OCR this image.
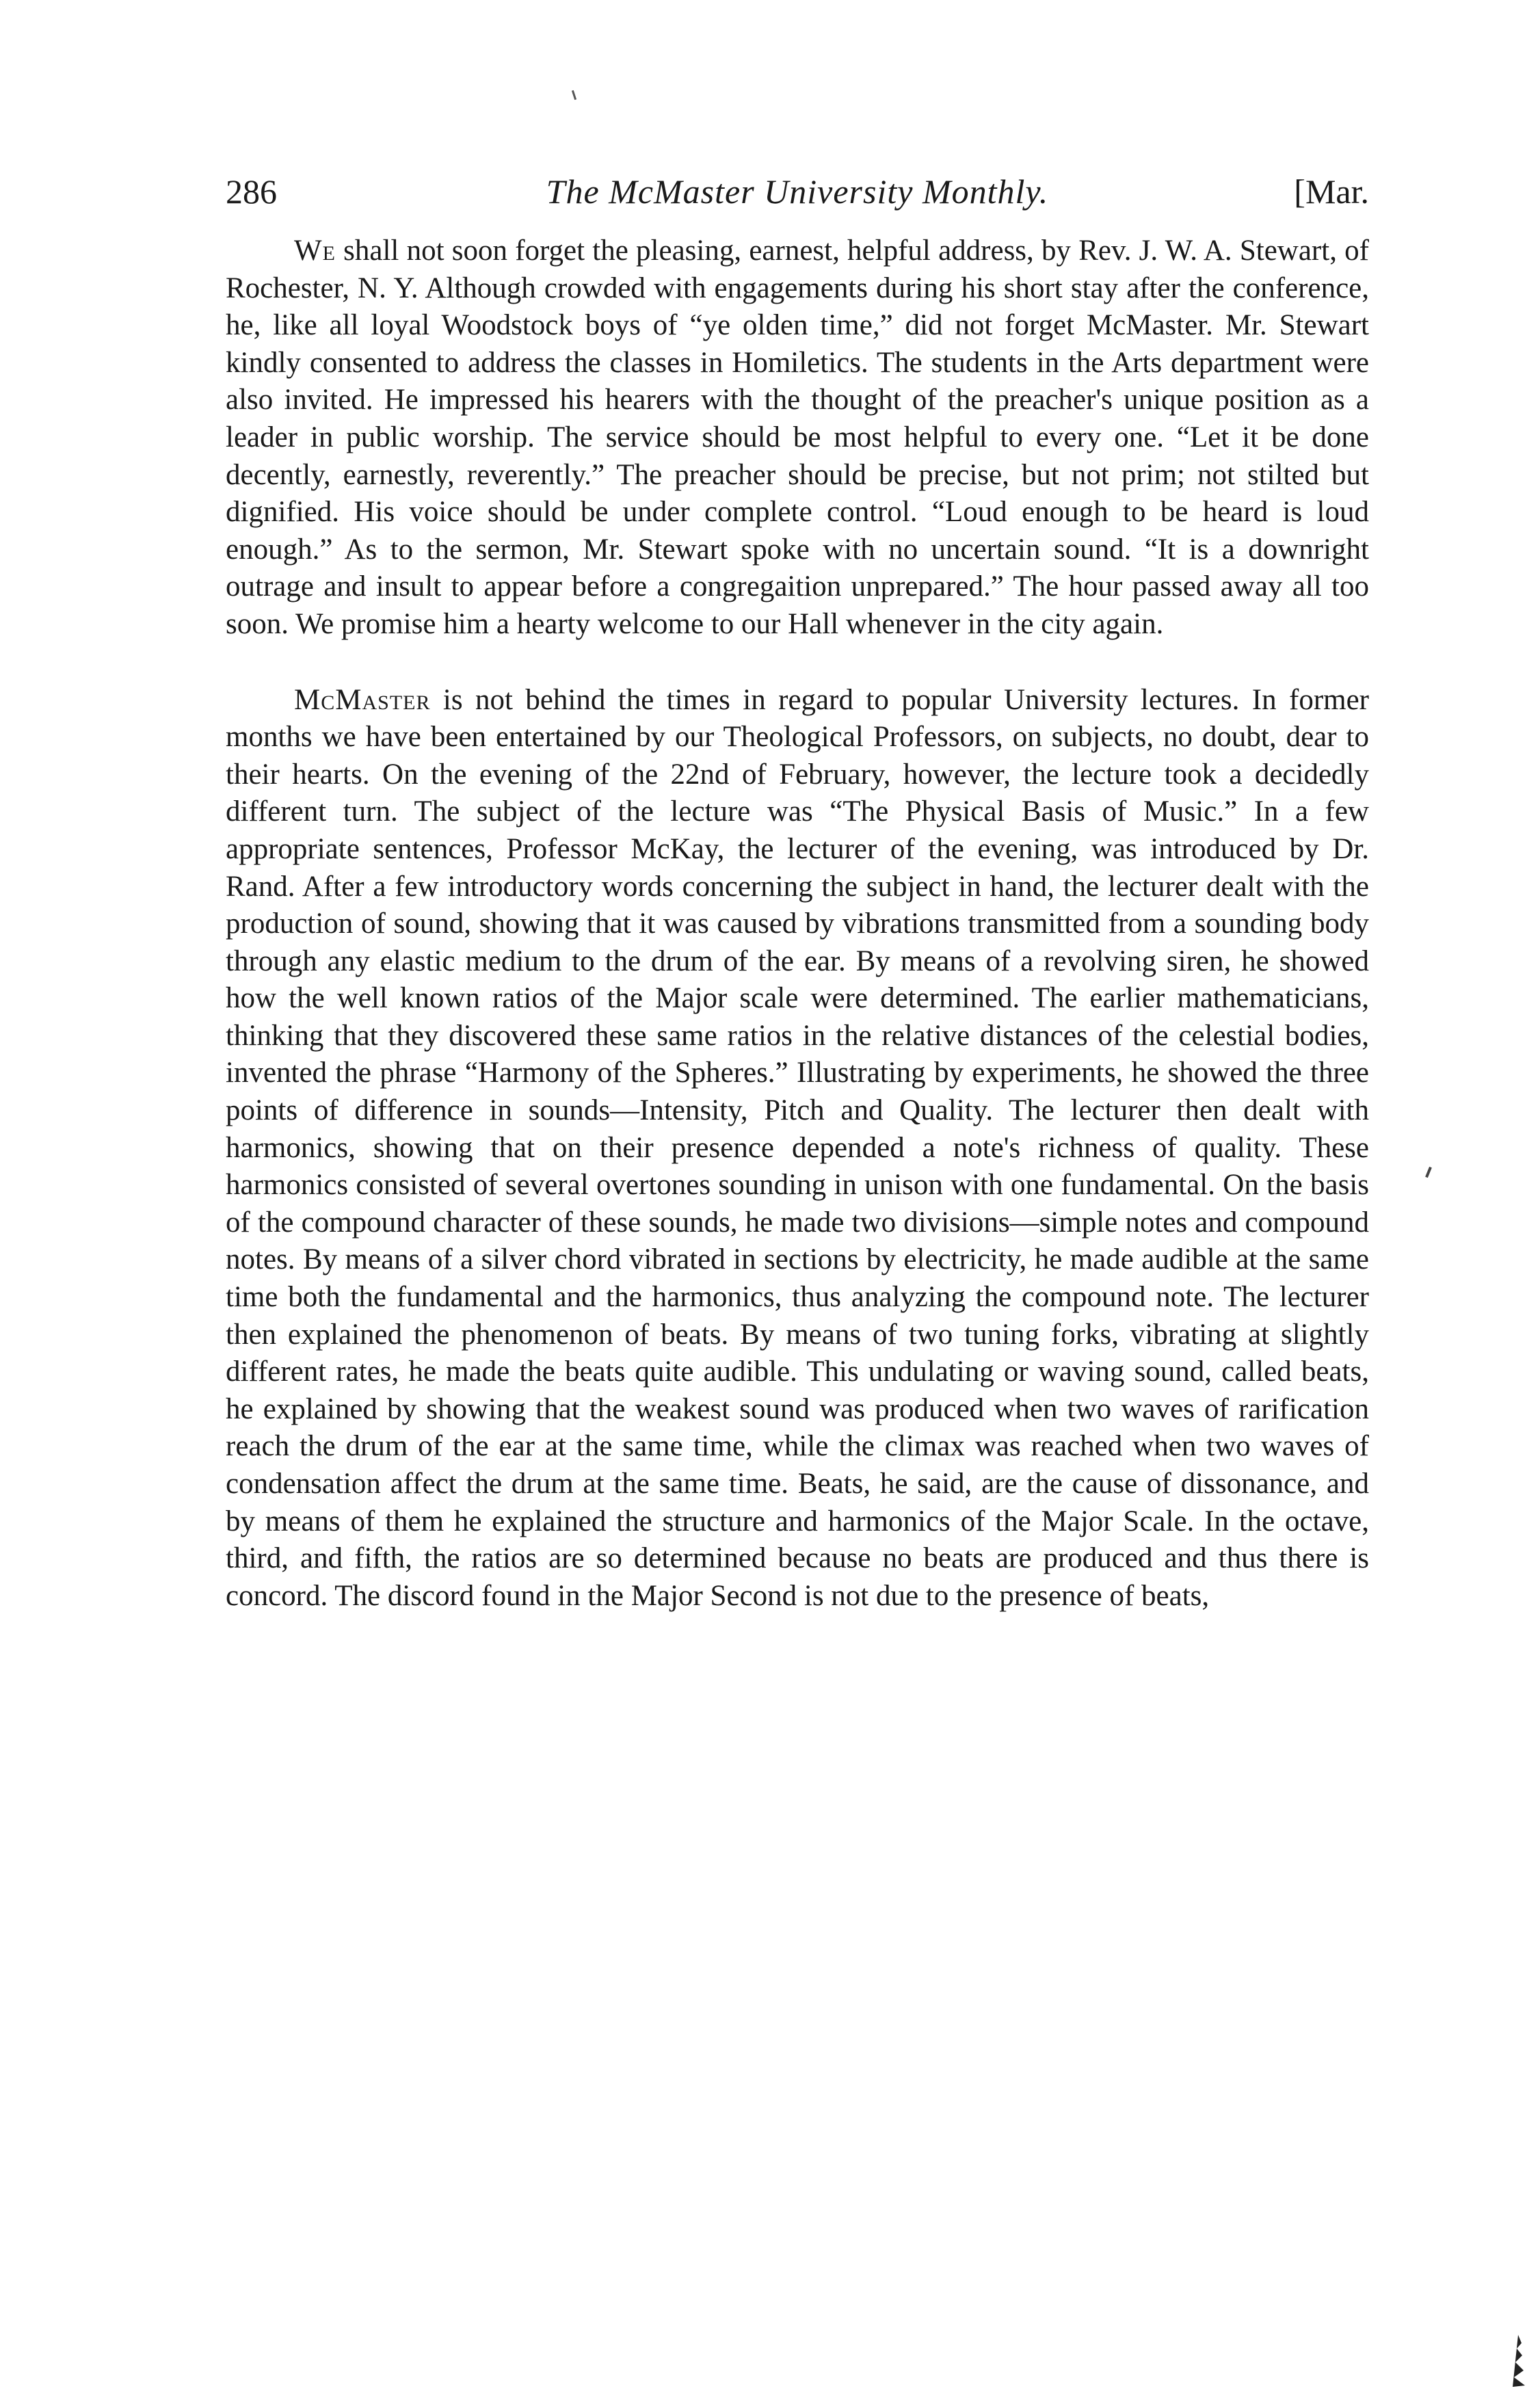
286	The McMaster University Monthly.	[Mar.

We shall not soon forget the pleasing, earnest, helpful address, by Rev. J. W. A. Stewart, of Rochester, N. Y. Although crowded with engagements during his short stay after the conference, he, like all loyal Woodstock boys of “ye olden time,” did not forget McMaster. Mr. Stewart kindly consented to address the classes in Homiletics. The students in the Arts department were also invited. He impressed his hearers with the thought of the preacher's unique position as a leader in public worship. The service should be most helpful to every one. “Let it be done decently, earnestly, reverently.” The preacher should be precise, but not prim; not stilted but dignified. His voice should be under complete control. “Loud enough to be heard is loud enough.” As to the sermon, Mr. Stewart spoke with no uncertain sound. “It is a downright outrage and insult to appear before a congregaition unprepared.” The hour passed away all too soon. We promise him a hearty welcome to our Hall whenever in the city again.

McMaster is not behind the times in regard to popular University lectures. In former months we have been entertained by our Theological Professors, on subjects, no doubt, dear to their hearts. On the evening of the 22nd of February, however, the lecture took a decidedly different turn. The subject of the lecture was “The Physical Basis of Music.” In a few appropriate sentences, Professor McKay, the lecturer of the evening, was introduced by Dr. Rand. After a few introductory words concerning the subject in hand, the lecturer dealt with the production of sound, showing that it was caused by vibrations transmitted from a sounding body through any elastic medium to the drum of the ear. By means of a revolving siren, he showed how the well known ratios of the Major scale were determined. The earlier mathematicians, thinking that they discovered these same ratios in the relative distances of the celestial bodies, invented the phrase “Harmony of the Spheres.” Illustrating by experiments, he showed the three points of difference in sounds—Intensity, Pitch and Quality. The lecturer then dealt with harmonics, showing that on their presence depended a note's richness of quality. These harmonics consisted of several overtones sounding in unison with one fundamental. On the basis of the compound character of these sounds, he made two divisions—simple notes and compound notes. By means of a silver chord vibrated in sections by electricity, he made audible at the same time both the fundamental and the harmonics, thus analyzing the compound note. The lecturer then explained the phenomenon of beats. By means of two tuning forks, vibrating at slightly different rates, he made the beats quite audible. This undulating or waving sound, called beats, he explained by showing that the weakest sound was produced when two waves of rarification reach the drum of the ear at the same time, while the climax was reached when two waves of condensation affect the drum at the same time. Beats, he said, are the cause of dissonance, and by means of them he explained the structure and harmonics of the Major Scale. In the octave, third, and fifth, the ratios are so determined because no beats are produced and thus there is concord. The discord found in the Major Second is not due to the presence of beats,
